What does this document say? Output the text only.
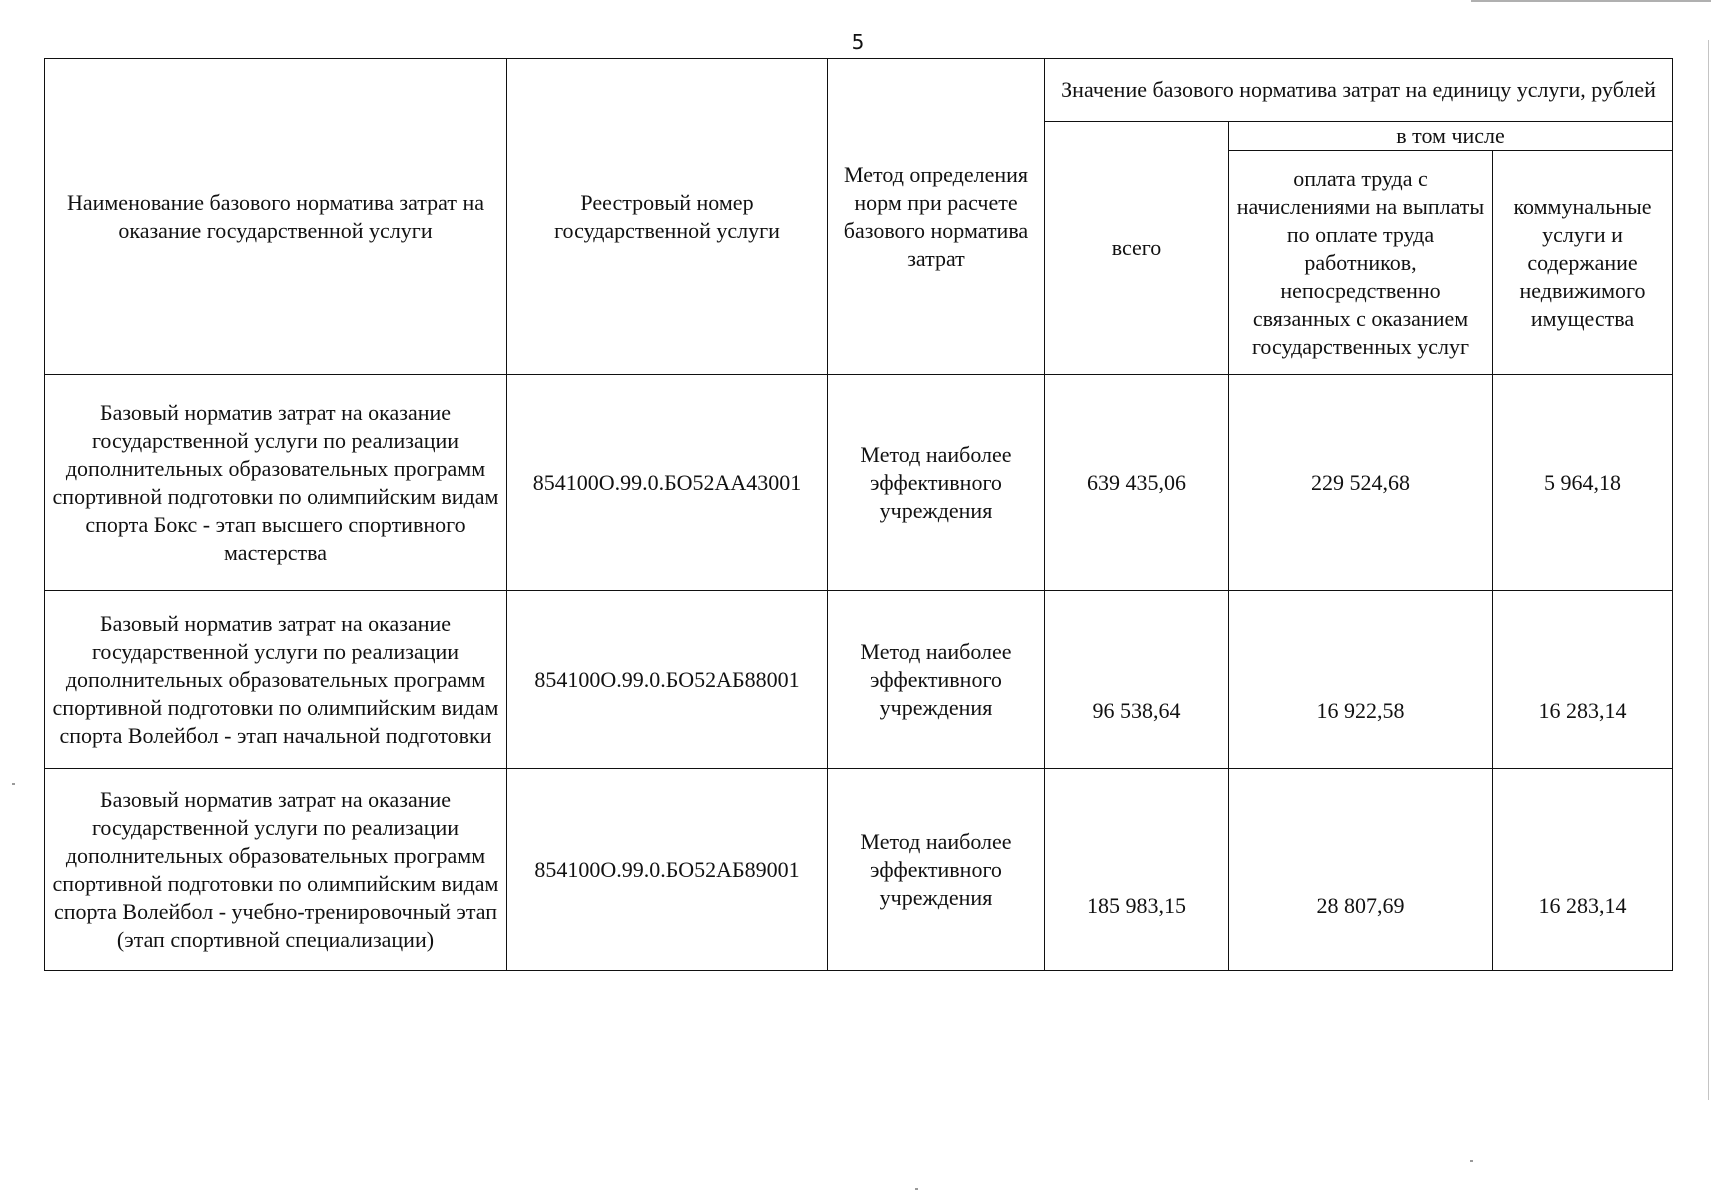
5
Наименование базового норматива затрат на оказание государственной услуги	Реестровый номер государственной услуги	Метод определения норм при расчете базового норматива затрат	Значение базового норматива затрат на единицу услуги, рублей		
			всего	в том числе	
				оплата труда с начислениями на выплаты по оплате труда работников, непосредственно связанных с оказанием государственных услуг	коммунальные услуги и содержание недвижимого имущества
Базовый норматив затрат на оказание государственной услуги по реализации дополнительных образовательных программ спортивной подготовки по олимпийским видам спорта Бокс - этап высшего спортивного мастерства	854100О.99.0.БО52АА43001	Метод наиболее эффективного учреждения	639 435,06	229 524,68	5 964,18
Базовый норматив затрат на оказание государственной услуги по реализации дополнительных образовательных программ спортивной подготовки по олимпийским видам спорта Волейбол - этап начальной подготовки	854100О.99.0.БО52АБ88001	Метод наиболее эффективного учреждения	96 538,64	16 922,58	16 283,14
Базовый норматив затрат на оказание государственной услуги по реализации дополнительных образовательных программ спортивной подготовки по олимпийским видам спорта Волейбол - учебно-тренировочный этап (этап спортивной специализации)	854100О.99.0.БО52АБ89001	Метод наиболее эффективного учреждения	185 983,15	28 807,69	16 283,14
